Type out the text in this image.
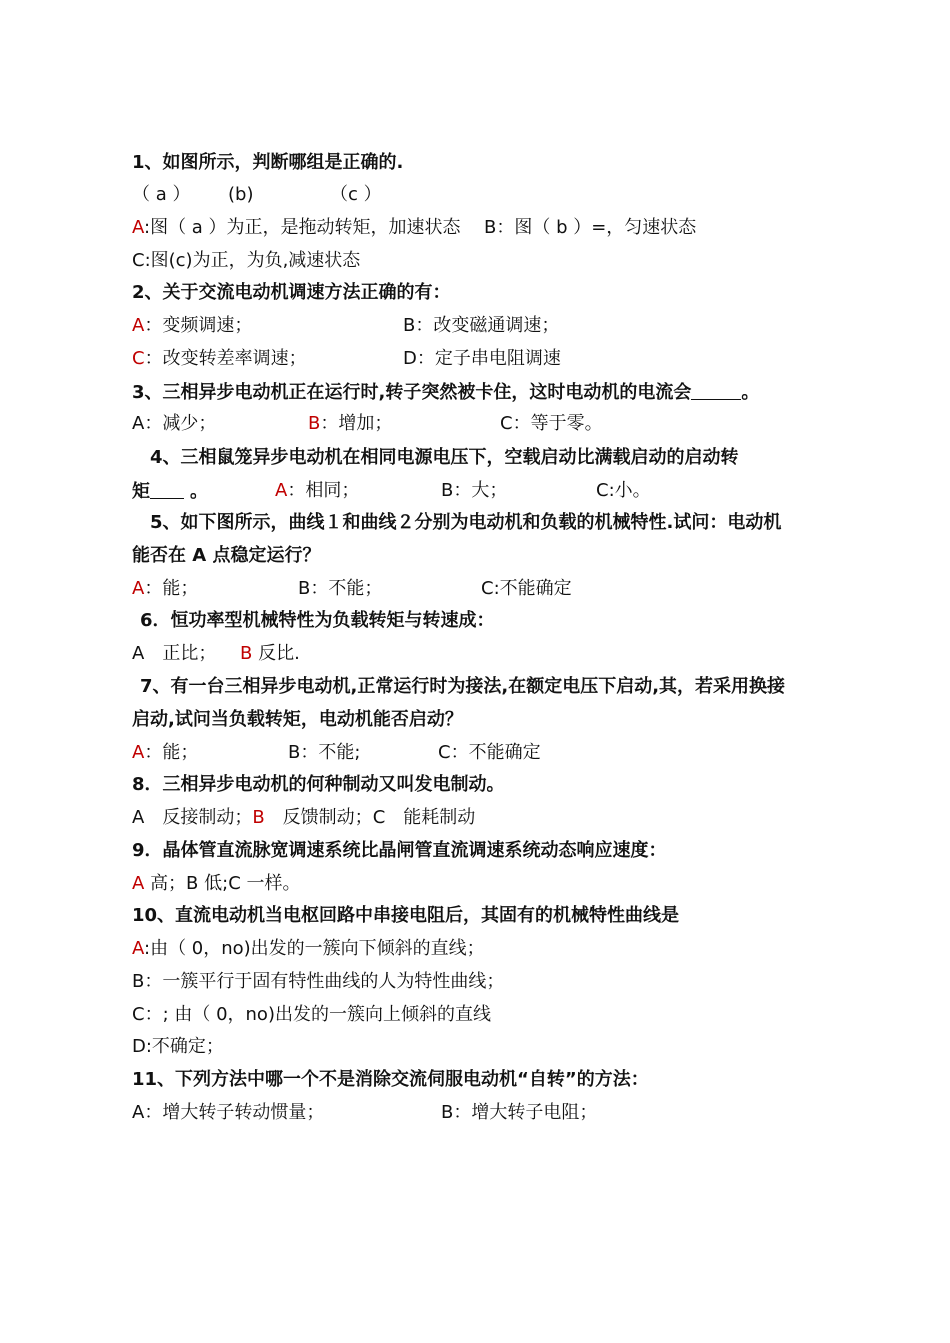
1、如图所示，判断哪组是正确的.
（ a ） (b)	（c ）
A:图（ a ）为正，是拖动转矩，加速状态 B：图（ b ）=，匀速状态
C:图(c)为正，为负,减速状态
2、关于交流电动机调速方法正确的有：
A：变频调速；	B：改变磁通调速；
C：改变转差率调速；	D：定子串电阻调速
3、三相异步电动机正在运行时,转子突然被卡住，这时电动机的电流会	。
A：减少；	B：增加；	C：等于零。
4、三相鼠笼异步电动机在相同电源电压下，空载启动比满载启动的启动转
矩 。	A：相同；	B：大；	C:小。
5、如下图所示，曲线１和曲线２分别为电动机和负载的机械特性.试问：电动机
能否在 A 点稳定运行？
A：能；	B：不能；	C:不能确定
6．恒功率型机械特性为负载转矩与转速成：
A　正比； B 反比.
7、有一台三相异步电动机,正常运行时为接法,在额定电压下启动,其，若采用换接
启动,试问当负载转矩，电动机能否启动？
A：能；	B：不能;	C：不能确定
8．三相异步电动机的何种制动又叫发电制动。
A　反接制动；B　反馈制动；C　能耗制动
9．晶体管直流脉宽调速系统比晶闸管直流调速系统动态响应速度：
A 高；B 低;C 一样。
10、直流电动机当电枢回路中串接电阻后，其固有的机械特性曲线是
A:由（ 0，no)出发的一簇向下倾斜的直线；
B：一簇平行于固有特性曲线的人为特性曲线；
C：; 由（ 0，no)出发的一簇向上倾斜的直线
D:不确定；
11、下列方法中哪一个不是消除交流伺服电动机“自转”的方法：
A：增大转子转动惯量；	B：增大转子电阻；
